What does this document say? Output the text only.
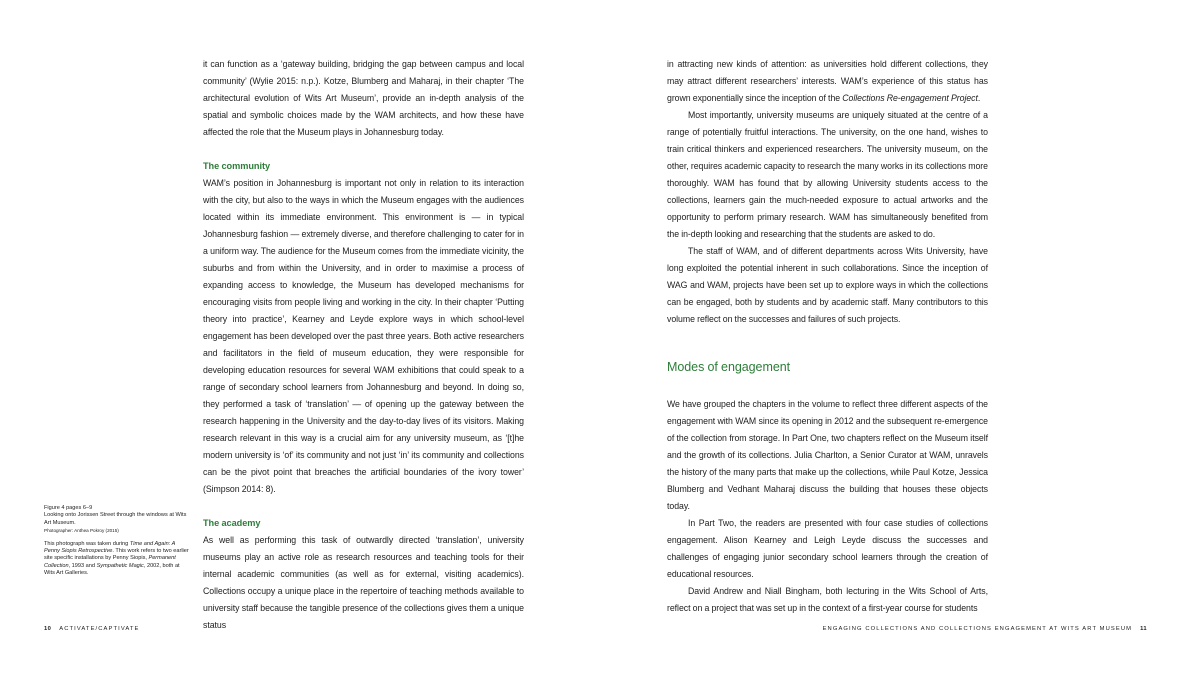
it can function as a ‘gateway building, bridging the gap between campus and local community’ (Wylie 2015: n.p.). Kotze, Blumberg and Maharaj, in their chapter ‘The architectural evolution of Wits Art Museum’, provide an in-depth analysis of the spatial and symbolic choices made by the WAM architects, and how these have affected the role that the Museum plays in Johannesburg today.

The community

WAM’s position in Johannesburg is important not only in relation to its interaction with the city, but also to the ways in which the Museum engages with the audiences located within its immediate environment. This environment is — in typical Johannesburg fashion — extremely diverse, and therefore challenging to cater for in a uniform way. The audience for the Museum comes from the immediate vicinity, the suburbs and from within the University, and in order to maximise a process of expanding access to knowledge, the Museum has developed mechanisms for encouraging visits from people living and working in the city. In their chapter ‘Putting theory into practice’, Kearney and Leyde explore ways in which school-level engagement has been developed over the past three years. Both active researchers and facilitators in the field of museum education, they were responsible for developing education resources for several WAM exhibitions that could speak to a range of secondary school learners from Johannesburg and beyond. In doing so, they performed a task of ‘translation’ — of opening up the gateway between the research happening in the University and the day-to-day lives of its visitors. Making research relevant in this way is a crucial aim for any university museum, as ‘[t]he modern university is ‘of’ its community and not just ‘in’ its community and collections can be the pivot point that breaches the artificial boundaries of the ivory tower’ (Simpson 2014: 8).

The academy

As well as performing this task of outwardly directed ‘translation’, university museums play an active role as research resources and teaching tools for their internal academic communities (as well as for external, visiting academics). Collections occupy a unique place in the repertoire of teaching methods available to university staff because the tangible presence of the collections gives them a unique status

Figure 4 pages 6–9
Looking onto Jorissen Street through the windows at Wits Art Museum.
Photographer: Anthea Pokroy (2015)
This photograph was taken during Time and Again: A Penny Siopis Retrospective. This work refers to two earlier site specific installations by Penny Siopis, Permanent Collection, 1993 and Sympathetic Magic, 2002, both at Wits Art Galleries.

in attracting new kinds of attention: as universities hold different collections, they may attract different researchers’ interests. WAM’s experience of this status has grown exponentially since the inception of the Collections Re-engagement Project.

Most importantly, university museums are uniquely situated at the centre of a range of potentially fruitful interactions. The university, on the one hand, wishes to train critical thinkers and experienced researchers. The university museum, on the other, requires academic capacity to research the many works in its collections more thoroughly. WAM has found that by allowing University students access to the collections, learners gain the much-needed exposure to actual artworks and the opportunity to perform primary research. WAM has simultaneously benefited from the in-depth looking and researching that the students are asked to do.

The staff of WAM, and of different departments across Wits University, have long exploited the potential inherent in such collaborations. Since the inception of WAG and WAM, projects have been set up to explore ways in which the collections can be engaged, both by students and by academic staff. Many contributors to this volume reflect on the successes and failures of such projects.

Modes of engagement

We have grouped the chapters in the volume to reflect three different aspects of the engagement with WAM since its opening in 2012 and the subsequent re-emergence of the collection from storage. In Part One, two chapters reflect on the Museum itself and the growth of its collections. Julia Charlton, a Senior Curator at WAM, unravels the history of the many parts that make up the collections, while Paul Kotze, Jessica Blumberg and Vedhant Maharaj discuss the building that houses these objects today.

In Part Two, the readers are presented with four case studies of collections engagement. Alison Kearney and Leigh Leyde discuss the successes and challenges of engaging junior secondary school learners through the creation of educational resources.

David Andrew and Niall Bingham, both lecturing in the Wits School of Arts, reflect on a project that was set up in the context of a first-year course for students

10 ACTIVATE/CAPTIVATE	ENGAGING COLLECTIONS AND COLLECTIONS ENGAGEMENT AT WITS ART MUSEUM 11
